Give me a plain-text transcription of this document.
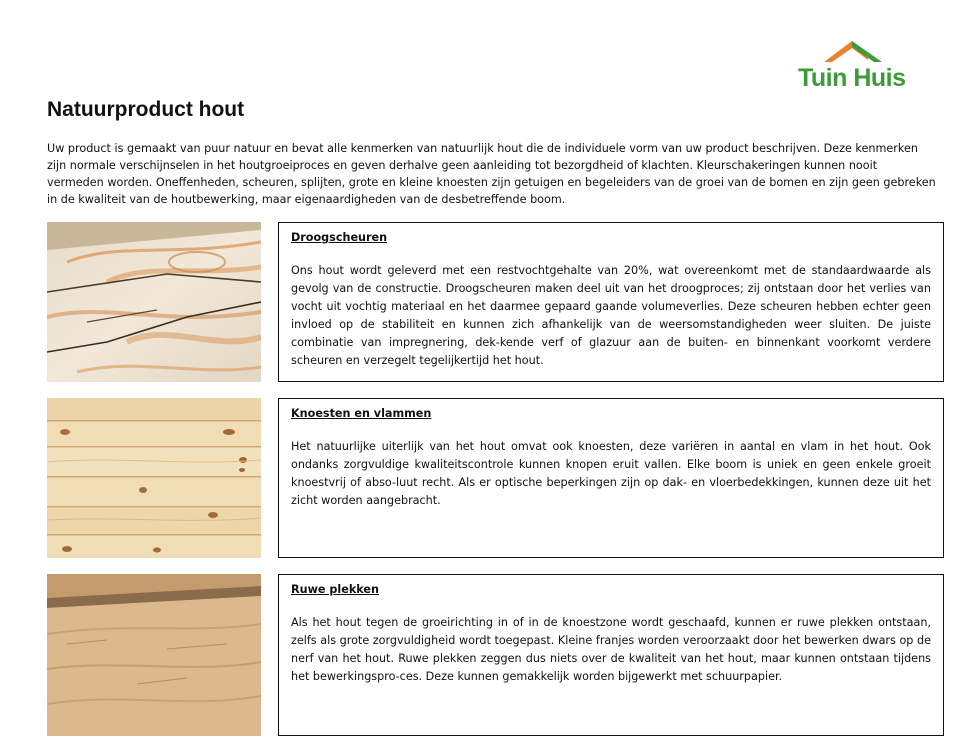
Tuin Huis
Natuurproduct hout

Uw product is gemaakt van puur natuur en bevat alle kenmerken van natuurlijk hout die de individuele vorm van uw product beschrijven. Deze kenmerken zijn normale verschijnselen in het houtgroeiproces en geven derhalve geen aanleiding tot bezorgdheid of klachten. Kleurschakeringen kunnen nooit vermeden worden. Oneffenheden, scheuren, splijten, grote en kleine knoesten zijn getuigen en begeleiders van de groei van de bomen en zijn geen gebreken in de kwaliteit van de houtbewerking, maar eigenaardigheden van de desbetreffende boom.

Droogscheuren

Ons hout wordt geleverd met een restvochtgehalte van 20%, wat overeenkomt met de standaardwaarde als gevolg van de constructie. Droogscheuren maken deel uit van het droogproces; zij ontstaan door het verlies van vocht uit vochtig materiaal en het daarmee gepaard gaande volumeverlies. Deze scheuren hebben echter geen invloed op de stabiliteit en kunnen zich afhankelijk van de weersomstandigheden weer sluiten. De juiste combinatie van impregnering, dek-kende verf of glazuur aan de buiten- en binnenkant voorkomt verdere scheuren en verzegelt tegelijkertijd het hout.

Knoesten en vlammen

Het natuurlijke uiterlijk van het hout omvat ook knoesten, deze variëren in aantal en vlam in het hout. Ook ondanks zorgvuldige kwaliteitscontrole kunnen knopen eruit vallen. Elke boom is uniek en geen enkele groeit knoestvrij of abso-luut recht. Als er optische beperkingen zijn op dak- en vloerbedekkingen, kunnen deze uit het zicht worden aangebracht.

Ruwe plekken

Als het hout tegen de groeirichting in of in de knoestzone wordt geschaafd, kunnen er ruwe plekken ontstaan, zelfs als grote zorgvuldigheid wordt toegepast. Kleine franjes worden veroorzaakt door het bewerken dwars op de nerf van het hout. Ruwe plekken zeggen dus niets over de kwaliteit van het hout, maar kunnen ontstaan tijdens het bewerkingspro-ces. Deze kunnen gemakkelijk worden bijgewerkt met schuurpapier.
